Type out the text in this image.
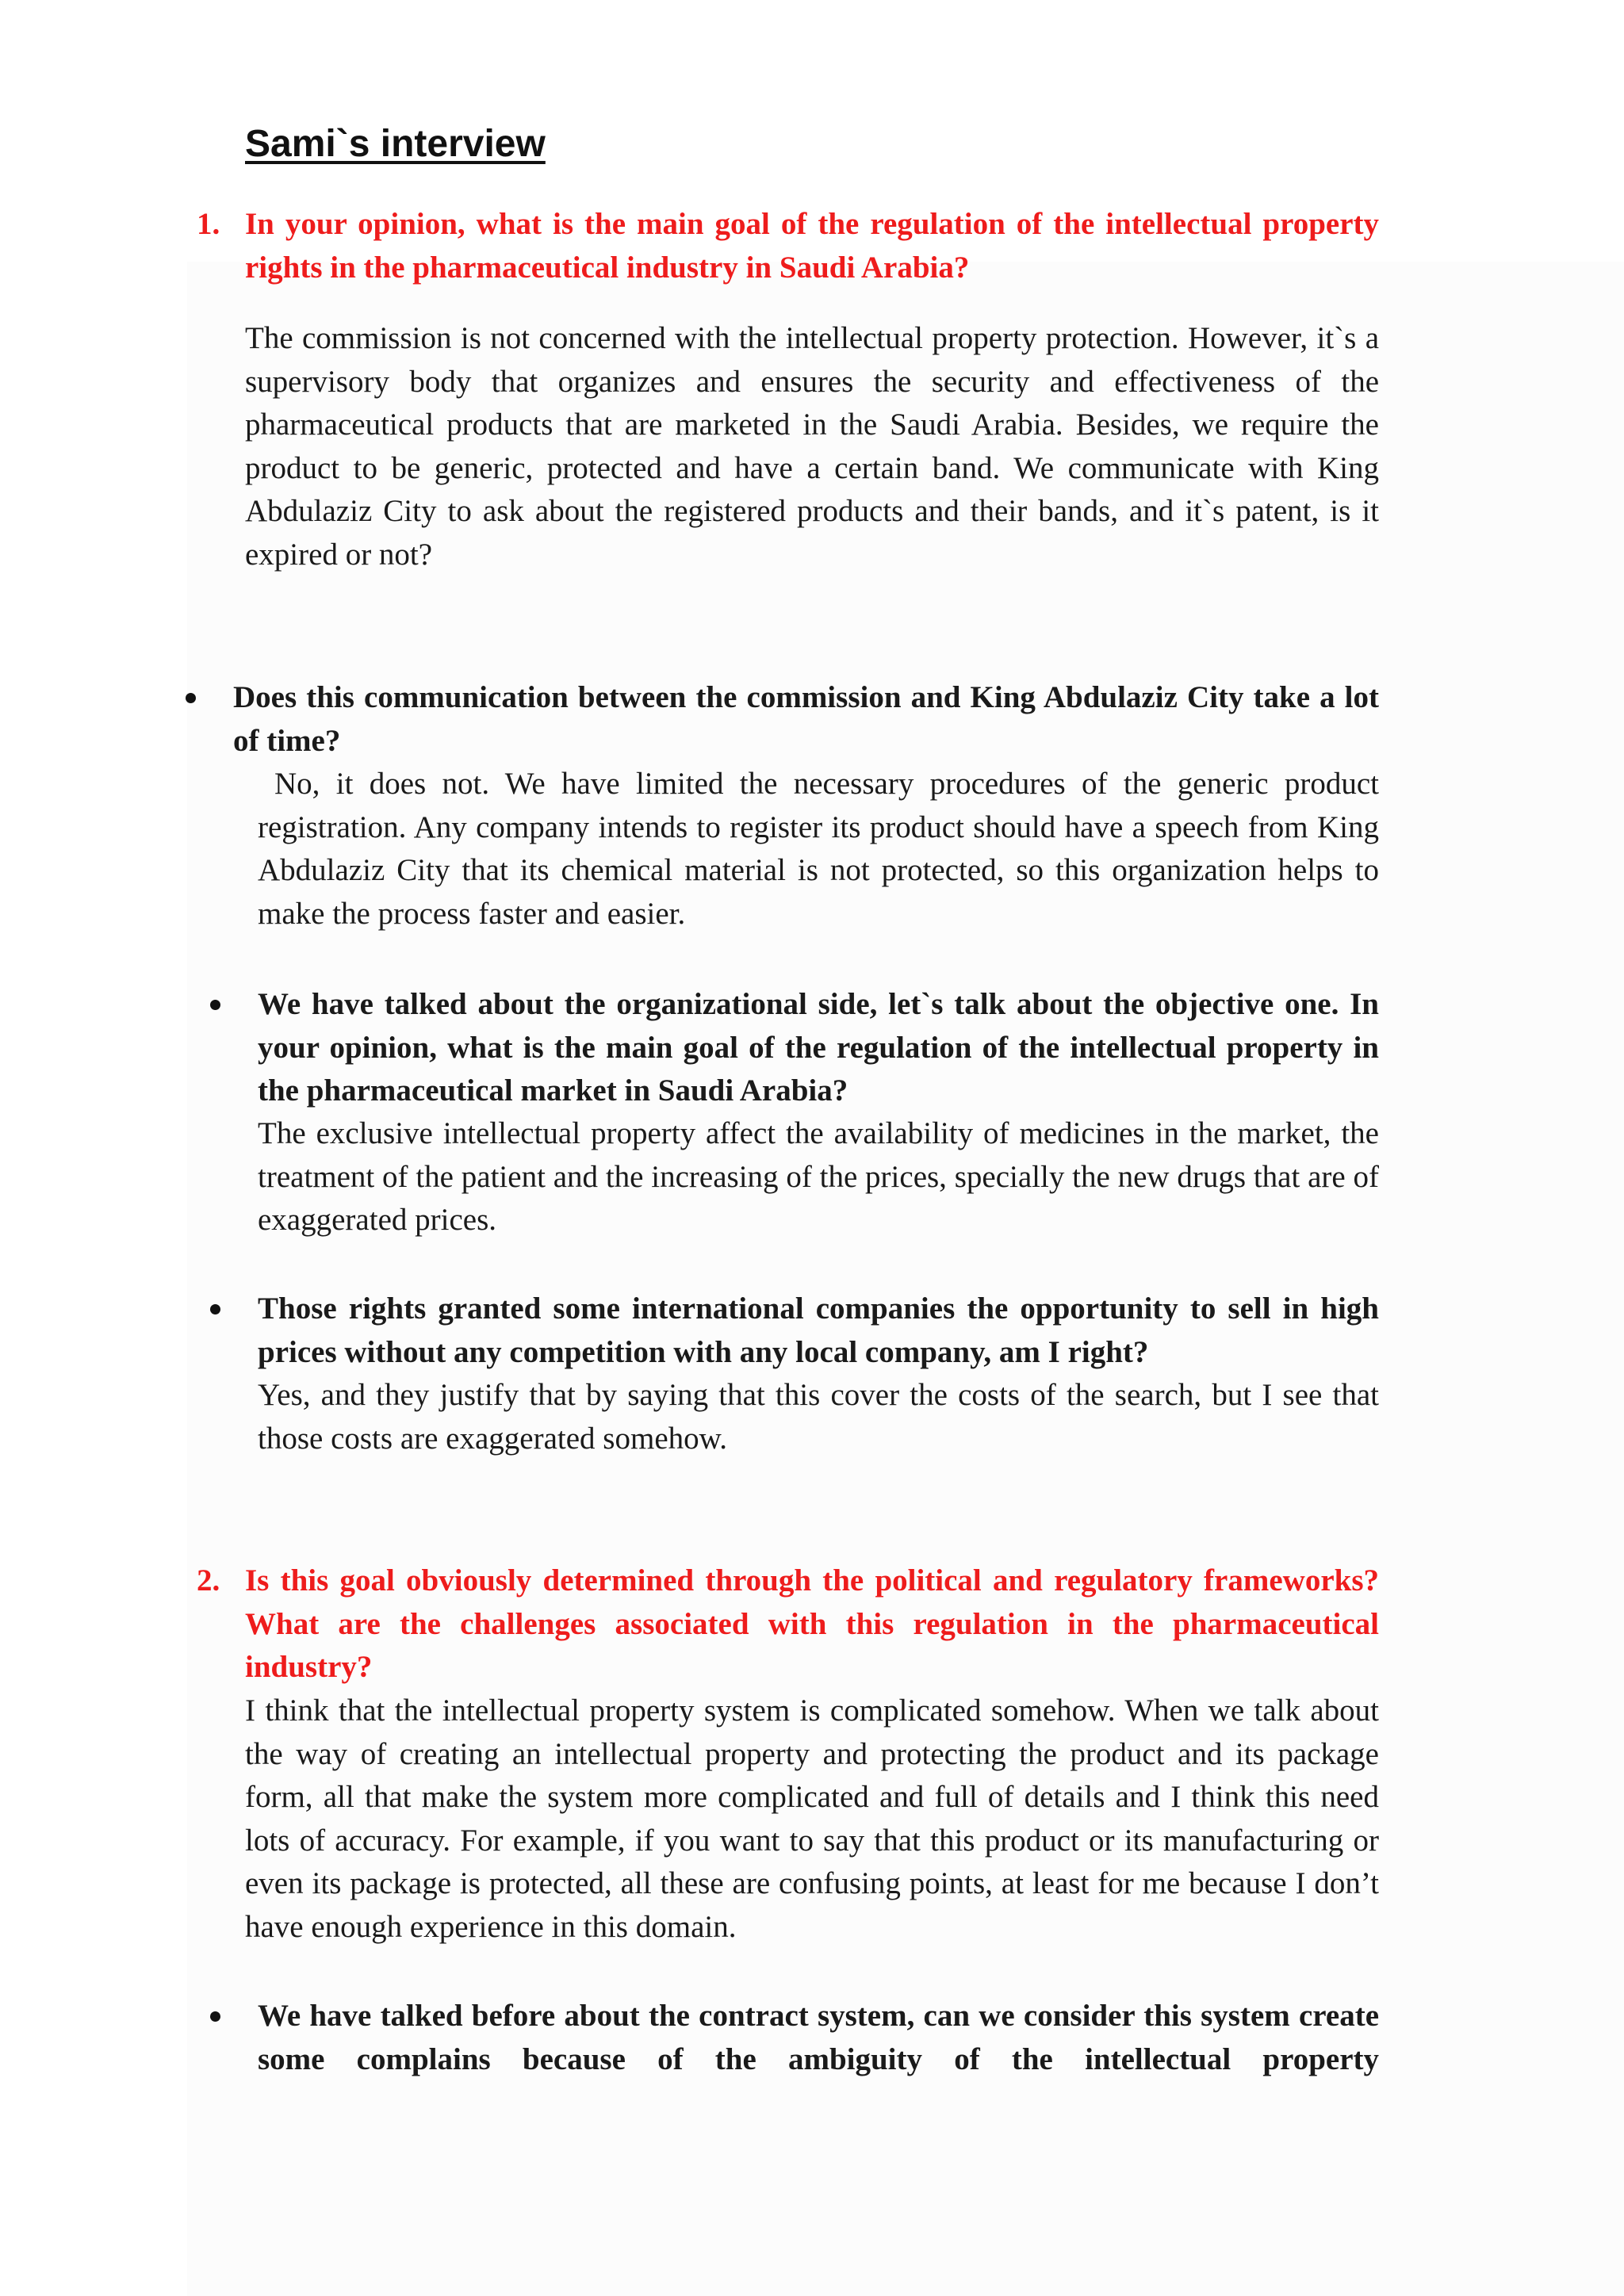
Sami`s interview

1. In your opinion, what is the main goal of the regulation of the intellectual property rights in the pharmaceutical industry in Saudi Arabia?

The commission is not concerned with the intellectual property protection. However, it`s a supervisory body that organizes and ensures the security and effectiveness of the pharmaceutical products that are marketed in the Saudi Arabia. Besides, we require the product to be generic, protected and have a certain band. We communicate with King Abdulaziz City to ask about the registered products and their bands, and it`s patent, is it expired or not?

Does this communication between the commission and King Abdulaziz City take a lot of time?

No, it does not. We have limited the necessary procedures of the generic product registration. Any company intends to register its product should have a speech from King Abdulaziz City that its chemical material is not protected, so this organization helps to make the process faster and easier.

We have talked about the organizational side, let`s talk about the objective one. In your opinion, what is the main goal of the regulation of the intellectual property in the pharmaceutical market in Saudi Arabia?

The exclusive intellectual property affect the availability of medicines in the market, the treatment of the patient and the increasing of the prices, specially the new drugs that are of exaggerated prices.

Those rights granted some international companies the opportunity to sell in high prices without any competition with any local company, am I right?

Yes, and they justify that by saying that this cover the costs of the search, but I see that those costs are exaggerated somehow.

2. Is this goal obviously determined through the political and regulatory frameworks? What are the challenges associated with this regulation in the pharmaceutical industry?

I think that the intellectual property system is complicated somehow. When we talk about the way of creating an intellectual property and protecting the product and its package form, all that make the system more complicated and full of details and I think this need lots of accuracy. For example, if you want to say that this product or its manufacturing or even its package is protected, all these are confusing points, at least for me because I don’t have enough experience in this domain.

We have talked before about the contract system, can we consider this system create some complains because of the ambiguity of the intellectual property
